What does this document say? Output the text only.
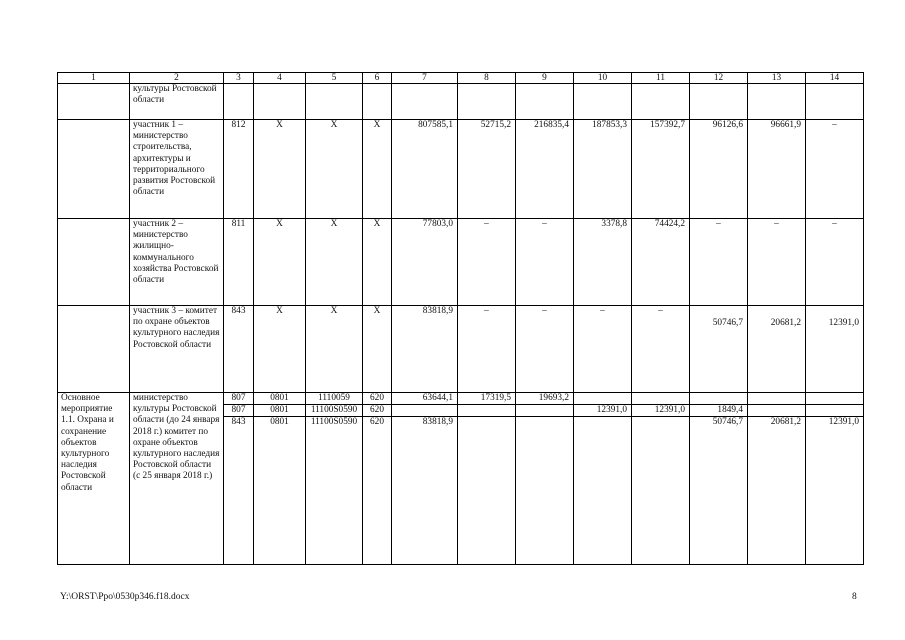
1	2	3	4	5	6	7	8	9	10	11	12	13	14
	культуры Ростовской области												
	участник 1 – министерство строительства, архитектуры и территориального развития Ростовской области	812	Х	Х	Х	807585,1	52715,2	216835,4	187853,3	157392,7	96126,6	96661,9	–
	участник 2 – министерство жилищно-коммунального хозяйства Ростовской области	811	Х	Х	Х	77803,0	–	–	3378,8	74424,2	–	–	–
	участник 3 – комитет по охране объектов культурного наследия Ростовской области	843	Х	Х	Х	83818,9	–	–	–	–	50746,7	20681,2	12391,0
Основное мероприятие 1.1. Охрана и сохранение объектов культурного наследия Ростовской области	министерство культуры Ростовской области (до 24 января 2018 г.) комитет по охране объектов культурного наследия Ростовской области (с 25 января 2018 г.)	807	0801	1110059	620	63644,1	17319,5	19693,2					
		807	0801	11100S0590	620				12391,0	12391,0	1849,4		
		843	0801	11100S0590	620	83818,9					50746,7	20681,2	12391,0
Y:\ORST\Ppo\0530p346.f18.docx	8
